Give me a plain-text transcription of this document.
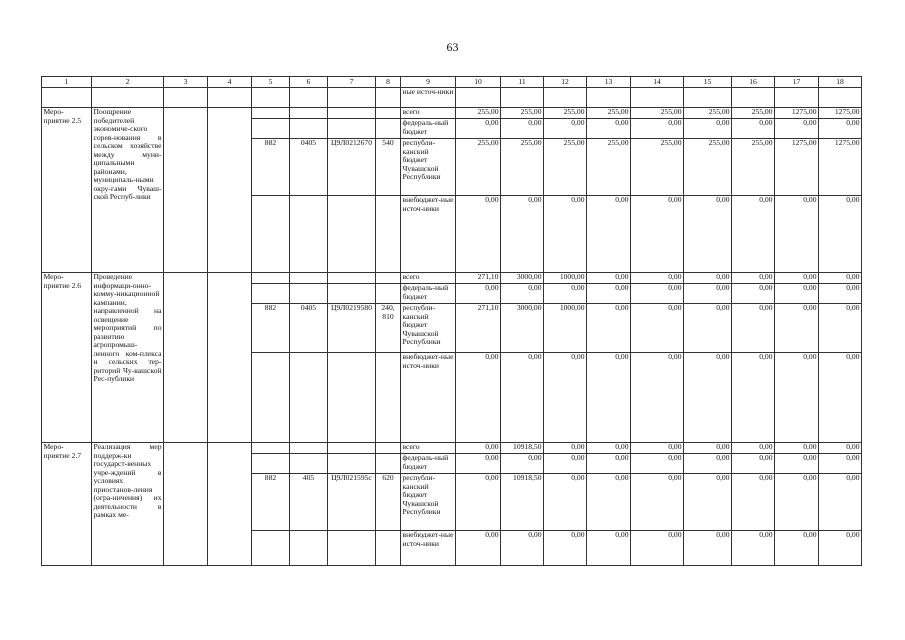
63
1	2	3	4	5	6	7	8	9	10	11	12	13	14	15	16	17	18
								ные источ-ники									
Меро-приятие 2.5	Поощрение победителей экономиче-ского сорев-нования в сельском хозяйстве между муни-ципальными районами, муниципаль-ными окру-гами Чуваш-ской Респуб-лики							всего	255,00	255,00	255,00	255,00	255,00	255,00	255,00	1275,00	1275,00
								федераль-ный бюджет	0,00	0,00	0,00	0,00	0,00	0,00	0,00	0,00	0,00
				882	0405	Ц9Л0212670	540	республи-канский бюджет Чувашской Республики	255,00	255,00	255,00	255,00	255,00	255,00	255,00	1275,00	1275,00
								внебюджет-ные источ-ники	0,00	0,00	0,00	0,00	0,00	0,00	0,00	0,00	0,00
Меро-приятие 2.6	Проведение информаци-онно-комму-никационной кампании, направленной на освещение мероприятий по развитию агропромыш-ленного ком-плекса и сельских тер-риторий Чу-вашской Рес-публики							всего	271,10	3000,00	1000,00	0,00	0,00	0,00	0,00	0,00	0,00
								федераль-ный бюджет	0,00	0,00	0,00	0,00	0,00	0,00	0,00	0,00	0,00
				882	0405	Ц9Л0219580	240, 810	республи-канский бюджет Чувашской Республики	271,10	3000,00	1000,00	0,00	0,00	0,00	0,00	0,00	0,00
								внебюджет-ные источ-ники	0,00	0,00	0,00	0,00	0,00	0,00	0,00	0,00	0,00
Меро-приятие 2.7	Реализация мер поддерж-ки государст-венных учре-ждений в условиях приостанов-ления (огра-ничения) их деятельности в рамках ме-							всего	0,00	10918,50	0,00	0,00	0,00	0,00	0,00	0,00	0,00
								федераль-ный бюджет	0,00	0,00	0,00	0,00	0,00	0,00	0,00	0,00	0,00
				882	405	Ц9Л021595с	620	республи-канский бюджет Чувашской Республики	0,00	10918,50	0,00	0,00	0,00	0,00	0,00	0,00	0,00
								внебюджет-ные источ-ники	0,00	0,00	0,00	0,00	0,00	0,00	0,00	0,00	0,00
